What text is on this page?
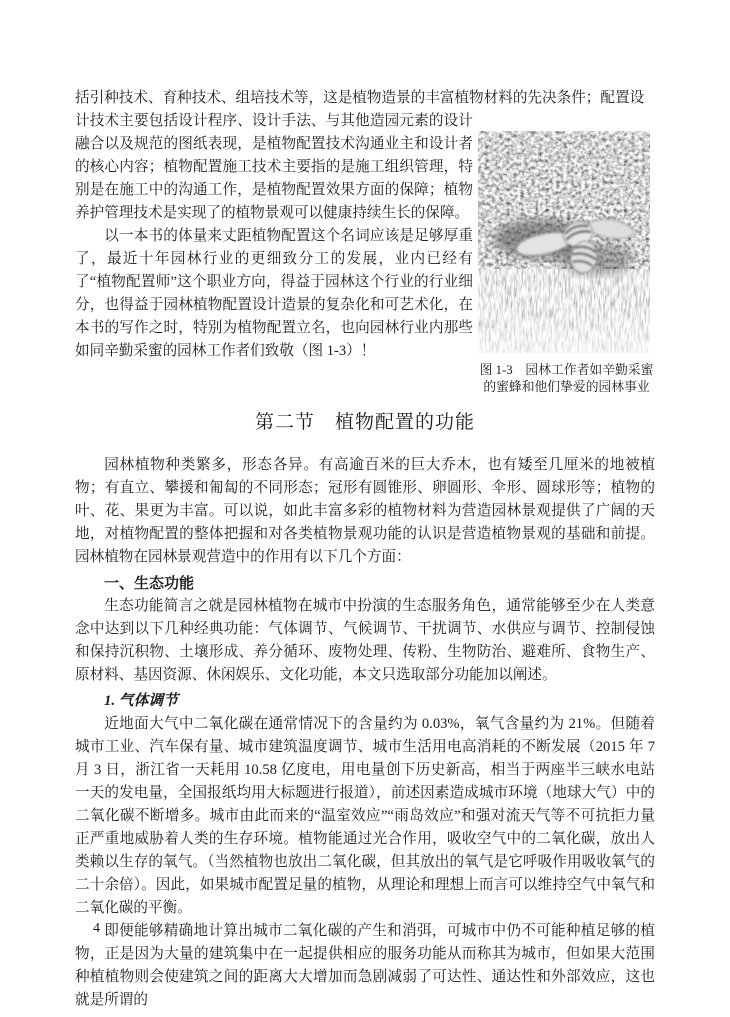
括引种技术、育种技术、组培技术等，这是植物造景的丰富植物材料的先决条件；配置设

计技术主要包括设计程序、设计手法、与其他造园元素的设计融合以及规范的图纸表现，是植物配置技术沟通业主和设计者的核心内容；植物配置施工技术主要指的是施工组织管理，特别是在施工中的沟通工作，是植物配置效果方面的保障；植物养护管理技术是实现了的植物景观可以健康持续生长的保障。

以一本书的体量来丈距植物配置这个名词应该是足够厚重了，最近十年园林行业的更细致分工的发展，业内已经有了“植物配置师”这个职业方向，得益于园林这个行业的行业细分，也得益于园林植物配置设计造景的复杂化和可艺术化，在本书的写作之时，特别为植物配置立名，也向园林行业内那些如同辛勤采蜜的园林工作者们致敬（图 1-3）！

图 1-3　园林工作者如辛勤采蜜
的蜜蜂和他们挚爱的园林事业
第二节　植物配置的功能

园林植物种类繁多，形态各异。有高逾百米的巨大乔木，也有矮至几厘米的地被植物；有直立、攀援和匍匐的不同形态；冠形有圆锥形、卵圆形、伞形、圆球形等；植物的叶、花、果更为丰富。可以说，如此丰富多彩的植物材料为营造园林景观提供了广阔的天地，对植物配置的整体把握和对各类植物景观功能的认识是营造植物景观的基础和前提。园林植物在园林景观营造中的作用有以下几个方面：

一、生态功能

生态功能简言之就是园林植物在城市中扮演的生态服务角色，通常能够至少在人类意念中达到以下几种经典功能：气体调节、气候调节、干扰调节、水供应与调节、控制侵蚀和保持沉积物、土壤形成、养分循环、废物处理、传粉、生物防治、避难所、食物生产、原材料、基因资源、休闲娱乐、文化功能，本文只选取部分功能加以阐述。

1. 气体调节

近地面大气中二氧化碳在通常情况下的含量约为 0.03%，氧气含量约为 21%。但随着城市工业、汽车保有量、城市建筑温度调节、城市生活用电高消耗的不断发展（2015 年 7 月 3 日，浙江省一天耗用 10.58 亿度电，用电量创下历史新高，相当于两座半三峡水电站一天的发电量，全国报纸均用大标题进行报道），前述因素造成城市环境（地球大气）中的二氧化碳不断增多。城市由此而来的“温室效应”“雨岛效应”和强对流天气等不可抗拒力量正严重地威胁着人类的生存环境。植物能通过光合作用，吸收空气中的二氧化碳，放出人类赖以生存的氧气。（当然植物也放出二氧化碳，但其放出的氧气是它呼吸作用吸收氧气的二十余倍）。因此，如果城市配置足量的植物，从理论和理想上而言可以维持空气中氧气和二氧化碳的平衡。

即便能够精确地计算出城市二氧化碳的产生和消弭，可城市中仍不可能种植足够的植物，正是因为大量的建筑集中在一起提供相应的服务功能从而称其为城市，但如果大范围种植植物则会使建筑之间的距离大大增加而急剧减弱了可达性、通达性和外部效应，这也就是所谓的

4
